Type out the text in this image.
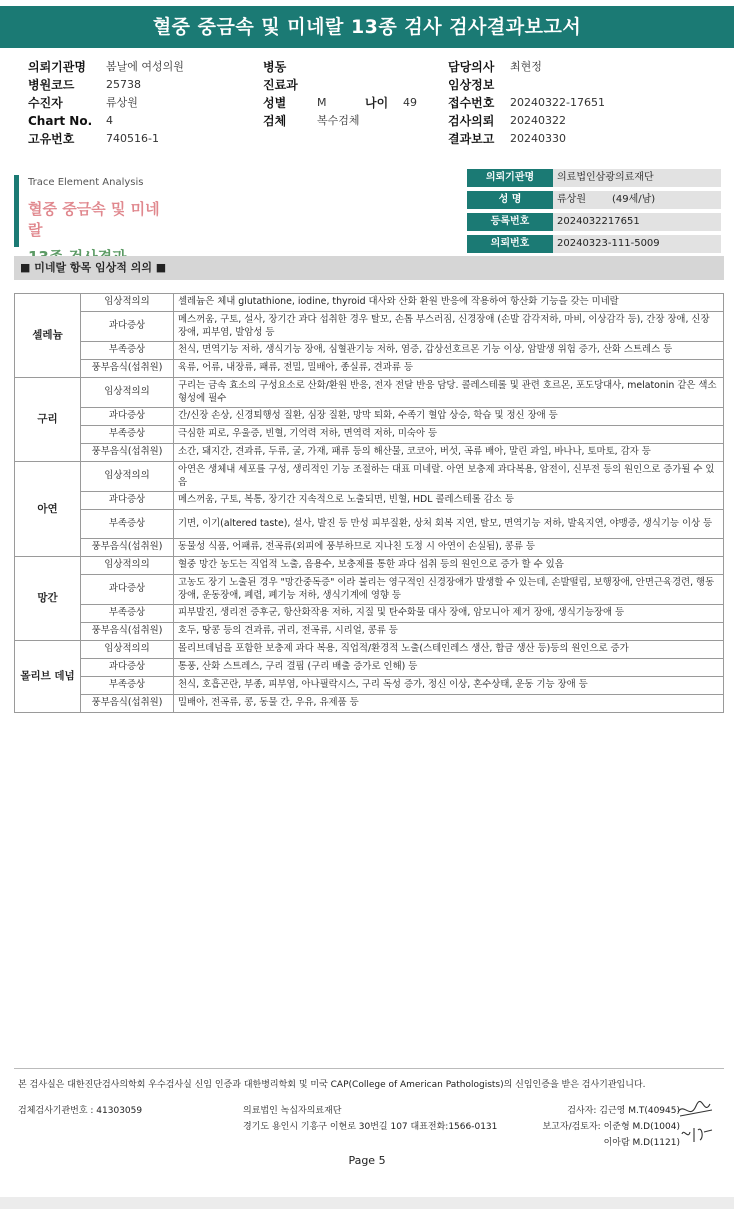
혈중 중금속 및 미네랄 13종 검사 검사결과보고서
의뢰기관명	봄날에 여성의원
병원코드	25738
수진자	류상원
Chart No.	4
고유번호	740516-1
병동
진료과
성별	M	나이	49
검체	복수검체
담당의사	최현정
임상정보
접수번호	20240322-17651
검사의뢰	20240322
결과보고	20240330
Trace Element Analysis
혈중 중금속 및 미네랄
의뢰기관명	의료법인삼광의료재단
성 명	류상원	(49세/남)
등록번호	2024032217651
의뢰번호	20240323-111-5009
■ 미네랄 항목 임상적 의의 ■
셀레늄	임상적의의	셀레늄은 체내 glutathione, iodine, thyroid 대사와 산화 환원 반응에 작용하여 항산화 기능을 갖는 미네랄
	과다증상	메스꺼움, 구토, 설사, 장기간 과다 섭취한 경우 탈모, 손톱 부스러짐, 신경장애 (손발 감각저하, 마비, 이상감각 등), 간장 장애, 신장 장애, 피부염, 발암성 등
	부족증상	천식, 면역기능 저하, 생식기능 장애, 심혈관기능 저하, 염증, 갑상선호르몬 기능 이상, 암발생 위험 증가, 산화 스트레스 등
	풍부음식(섭취원)	육류, 어류, 내장류, 패류, 전밀, 밀배아, 종실류, 견과류 등
구리	임상적의의	구리는 금속 효소의 구성요소로 산화/환원 반응, 전자 전달 반응 담당. 콜레스테롤 및 관련 호르몬, 포도당대사, melatonin 같은 색소 형성에 필수
	과다증상	간/신장 손상, 신경퇴행성 질환, 심장 질환, 망막 퇴화, 수족기 혈압 상승, 학습 및 정신 장애 등
	부족증상	극심한 피로, 우울증, 빈혈, 기억력 저하, 면역력 저하, 미숙아 등
	풍부음식(섭취원)	소간, 돼지간, 견과류, 두류, 굴, 가재, 패류 등의 해산물, 코코아, 버섯, 곡류 배아, 말린 과일, 바나나, 토마토, 감자 등
아연	임상적의의	아연은 생체내 세포를 구성, 생리적인 기능 조절하는 대표 미네랄. 아연 보충제 과다복용, 암전이, 신부전 등의 원인으로 증가될 수 있음
	과다증상	메스꺼움, 구토, 복통, 장기간 지속적으로 노출되면, 빈혈, HDL 콜레스테롤 감소 등
	부족증상	기면, 이기(altered taste), 설사, 발진 등 만성 피부질환, 상처 회복 지연, 탈모, 면역기능 저하, 발육지연, 야맹증, 생식기능 이상 등
	풍부음식(섭취원)	동물성 식품, 어패류, 전곡류(외피에 풍부하므로 지나친 도정 시 아연이 손실됨), 콩류 등
망간	임상적의의	혈중 망간 농도는 직업적 노출, 음용수, 보충제를 통한 과다 섭취 등의 원인으로 증가 할 수 있음
	과다증상	고농도 장기 노출된 경우 "망간중독증" 이라 불리는 영구적인 신경장애가 발생할 수 있는데, 손발떨림, 보행장애, 안면근육경련, 행동장애, 운동장애, 폐렴, 폐기능 저하, 생식기계에 영향 등
	부족증상	피부발진, 생리전 증후군, 항산화작용 저하, 지질 및 탄수화물 대사 장애, 암모니아 제거 장애, 생식기능장애 등
	풍부음식(섭취원)	호두, 땅콩 등의 견과류, 귀리, 전곡류, 시리얼, 콩류 등
몰리브 데넘	임상적의의	몰리브데넘을 포함한 보충제 과다 복용, 직업적/환경적 노출(스테인레스 생산, 합금 생산 등)등의 원인으로 증가
	과다증상	통풍, 산화 스트레스, 구리 결핍 (구리 배출 증가로 인해) 등
	부족증상	천식, 호흡곤란, 부종, 피부염, 아나필락시스, 구리 독성 증가, 정신 이상, 혼수상태, 운동 기능 장애 등
	풍부음식(섭취원)	밀배아, 전곡류, 콩, 동물 간, 우유, 유제품 등
본 검사실은 대한진단검사의학회 우수검사실 신임 인증과 대한병리학회 및 미국 CAP(College of American Pathologists)의 신임인증을 받은 검사기관입니다.
검체검사기관번호 : 41303059	의료법인 녹십자의료재단
경기도 용인시 기흥구 이현로 30번길 107 대표전화:1566-0131
검사자: 김근영 M.T(40945)
보고자/검토자: 이준형 M.D(1004)
이아람 M.D(1121)
Page 5
